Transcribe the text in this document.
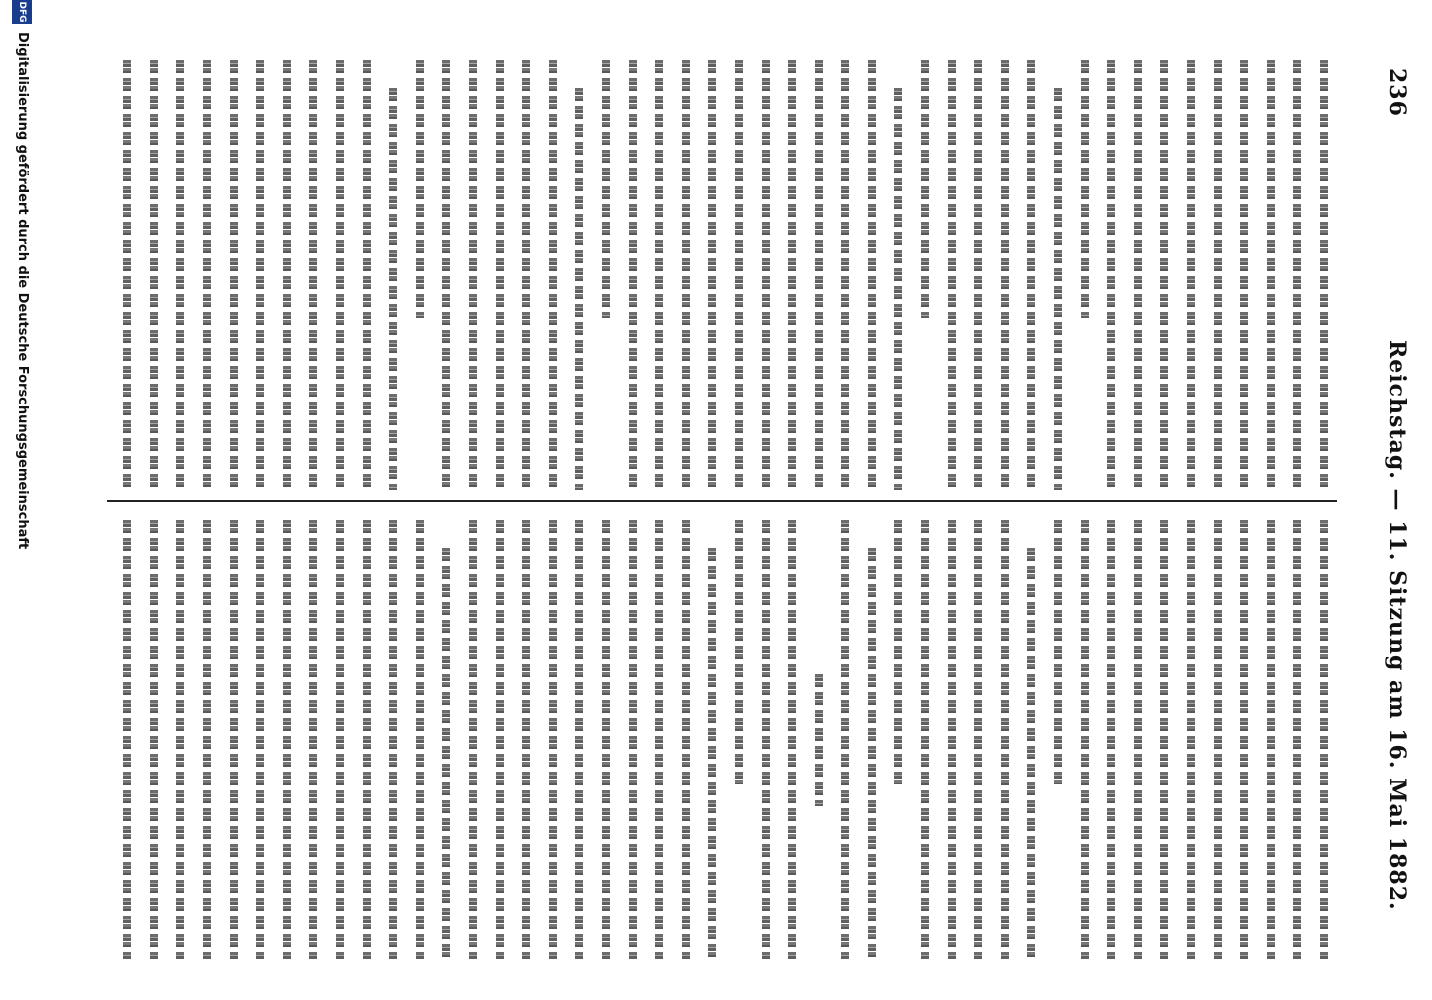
236
Reichstag. — 11. Sitzung am 16. Mai 1882.
DFG
Digitalisierung gefördert durch die Deutsche Forschungsgemeinschaft
